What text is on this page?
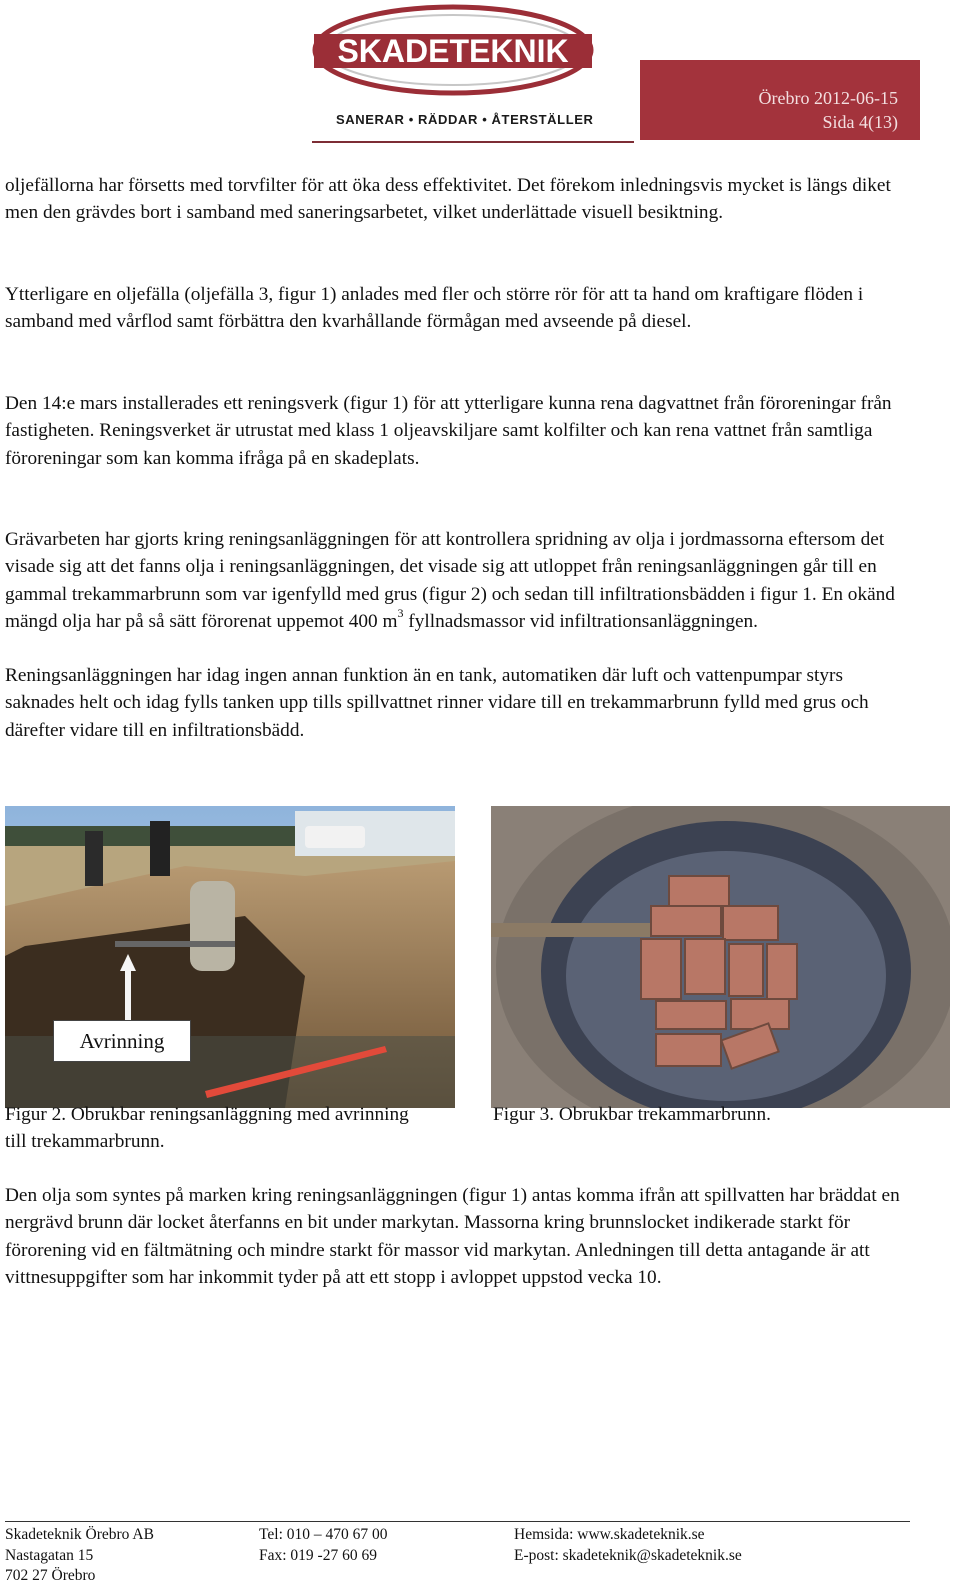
SKADETEKNIK
SANERAR • RÄDDAR • ÅTERSTÄLLER
Örebro 2012-06-15
Sida 4(13)

oljefällorna har försetts med torvfilter för att öka dess effektivitet. Det förekom inledningsvis mycket is längs diket men den grävdes bort i samband med saneringsarbetet, vilket underlättade visuell besiktning.

Ytterligare en oljefälla (oljefälla 3, figur 1) anlades med fler och större rör för att ta hand om kraftigare flöden i samband med vårflod samt förbättra den kvarhållande förmågan med avseende på diesel.

Den 14:e mars installerades ett reningsverk (figur 1) för att ytterligare kunna rena dagvattnet från föroreningar från fastigheten. Reningsverket är utrustat med klass 1 oljeavskiljare samt kolfilter och kan rena vattnet från samtliga föroreningar som kan komma ifråga på en skadeplats.

Grävarbeten har gjorts kring reningsanläggningen för att kontrollera spridning av olja i jordmassorna eftersom det visade sig att det fanns olja i reningsanläggningen, det visade sig att utloppet från reningsanläggningen går till en gammal trekammarbrunn som var igenfylld med grus (figur 2) och sedan till infiltrationsbädden i figur 1. En okänd mängd olja har på så sätt förorenat uppemot 400 $m^3$ fyllnadsmassor vid infiltrationsanläggningen.

Reningsanläggningen har idag ingen annan funktion än en tank, automatiken där luft och vattenpumpar styrs saknades helt och idag fylls tanken upp tills spillvattnet rinner vidare till en trekammarbrunn fylld med grus och därefter vidare till en infiltrationsbädd.

Avrinning
Figur 2. Obrukbar reningsanläggning med avrinning till trekammarbrunn.
Figur 3. Obrukbar trekammarbrunn.

Den olja som syntes på marken kring reningsanläggningen (figur 1) antas komma ifrån att spillvatten har bräddat en nergrävd brunn där locket återfanns en bit under markytan. Massorna kring brunnslocket indikerade starkt för förorening vid en fältmätning och mindre starkt för massor vid markytan. Anledningen till detta antagande är att vittnesuppgifter som har inkommit tyder på att ett stopp i avloppet uppstod vecka 10.

Skadeteknik Örebro AB
Nastagatan 15
702 27 Örebro
Tel: 010 – 470 67 00
Fax: 019 -27 60 69
Hemsida: www.skadeteknik.se
E-post: skadeteknik@skadeteknik.se
